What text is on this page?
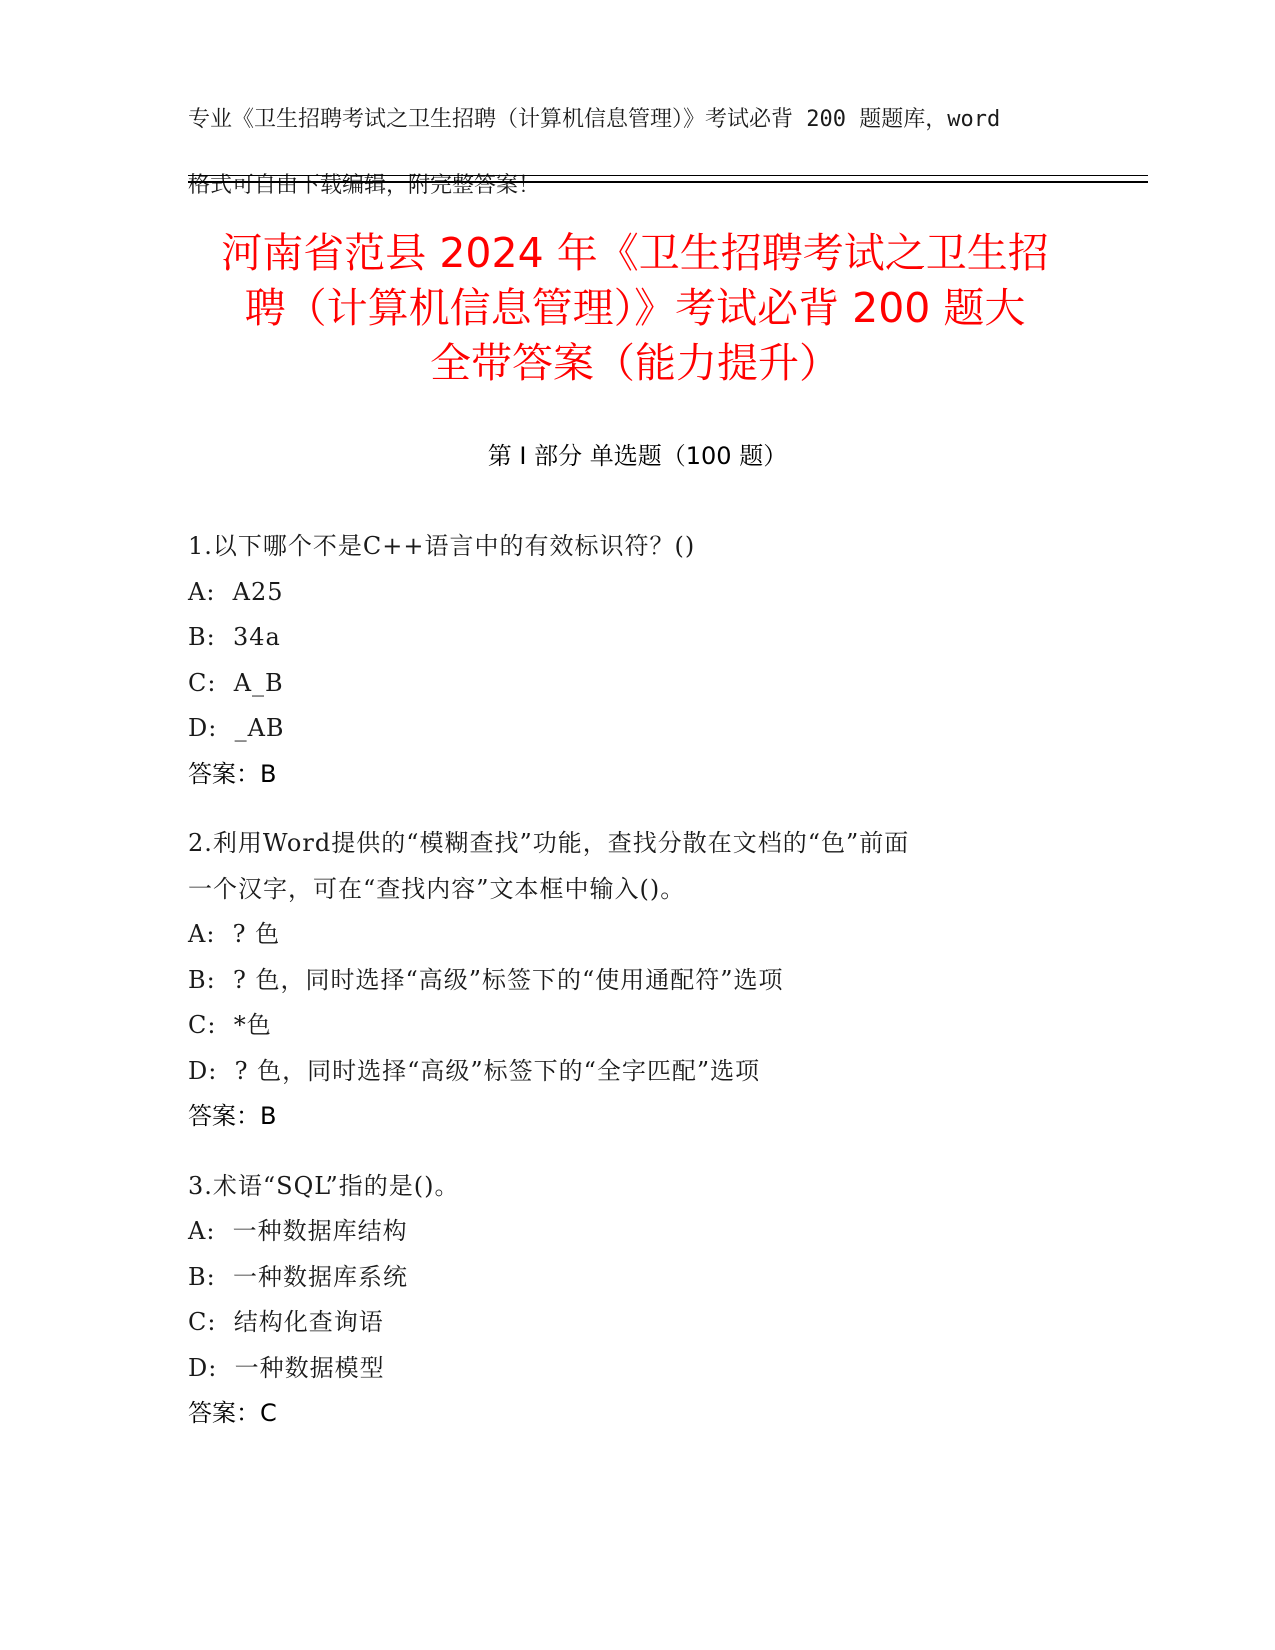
专业《卫生招聘考试之卫生招聘（计算机信息管理）》考试必背 200 题题库，word

格式可自由下载编辑，附完整答案！

河南省范县 2024 年《卫生招聘考试之卫生招
聘（计算机信息管理）》考试必背 200 题大
全带答案（能力提升）
第 I 部分 单选题（100 题）
1.以下哪个不是C++语言中的有效标识符？()
A:  A25
B:  34a
C:  A_B
D:  _AB
答案：B
2.利用Word提供的“模糊查找”功能，查找分散在文档的“色”前面
一个汉字，可在“查找内容”文本框中输入()。
A:  ? 色
B:  ? 色，同时选择“高级”标签下的“使用通配符”选项
C:  *色
D:  ? 色，同时选择“高级”标签下的“全字匹配”选项
答案：B
3.术语“SQL”指的是()。
A:  一种数据库结构
B:  一种数据库系统
C:  结构化查询语
D:  一种数据模型
答案：C
